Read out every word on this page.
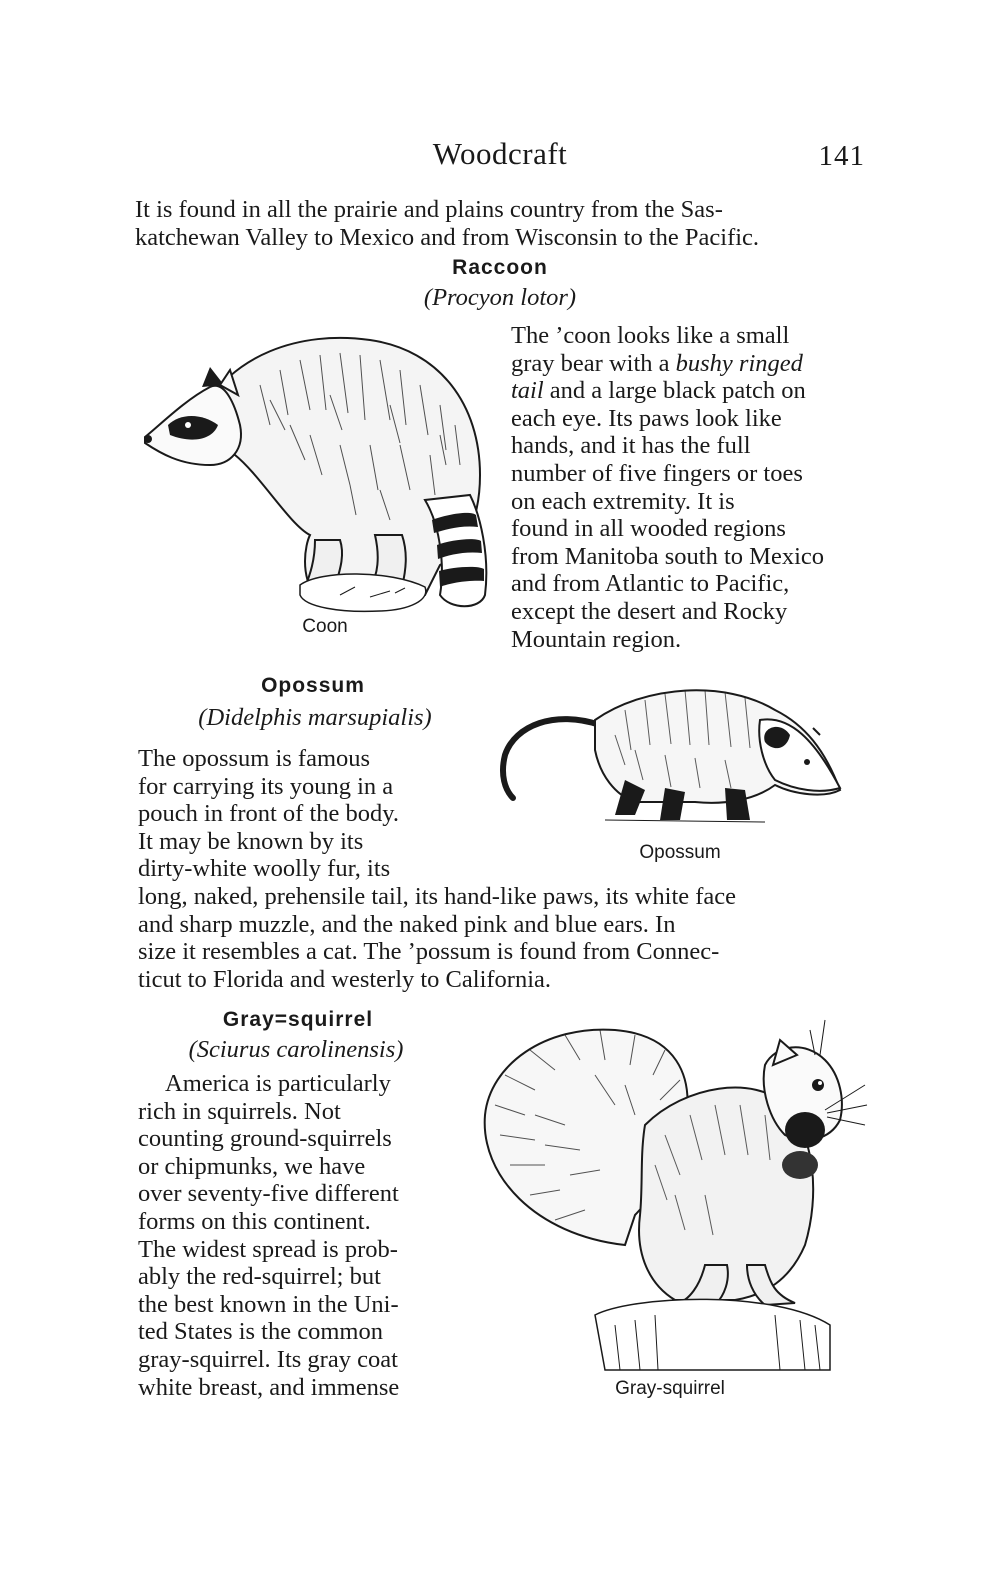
Woodcraft	141

It is found in all the prairie and plains country from the Sas-

katchewan Valley to Mexico and from Wisconsin to the Pacific.

Raccoon
(Procyon lotor)
Coon

The ’coon looks like a small

gray bear with a bushy ringed

tail and a large black patch on

each eye. Its paws look like

hands, and it has the full

number of five fingers or toes

on each extremity. It is

found in all wooded regions

from Manitoba south to Mexico

and from Atlantic to Pacific,

except the desert and Rocky

Mountain region.

Opossum
(Didelphis marsupialis)

The opossum is famous

for carrying its young in a

pouch in front of the body.

It may be known by its

dirty-white woolly fur, its

Opossum

long, naked, prehensile tail, its hand-like paws, its white face

and sharp muzzle, and the naked pink and blue ears. In

size it resembles a cat. The ’possum is found from Connec-

ticut to Florida and westerly to California.

Gray=squirrel
(Sciurus carolinensis)

America is particularly

rich in squirrels. Not

counting ground-squirrels

or chipmunks, we have

over seventy-five different

forms on this continent.

The widest spread is prob-

ably the red-squirrel; but

the best known in the Uni-

ted States is the common

gray-squirrel. Its gray coat

white breast, and immense	Gray-squirrel
